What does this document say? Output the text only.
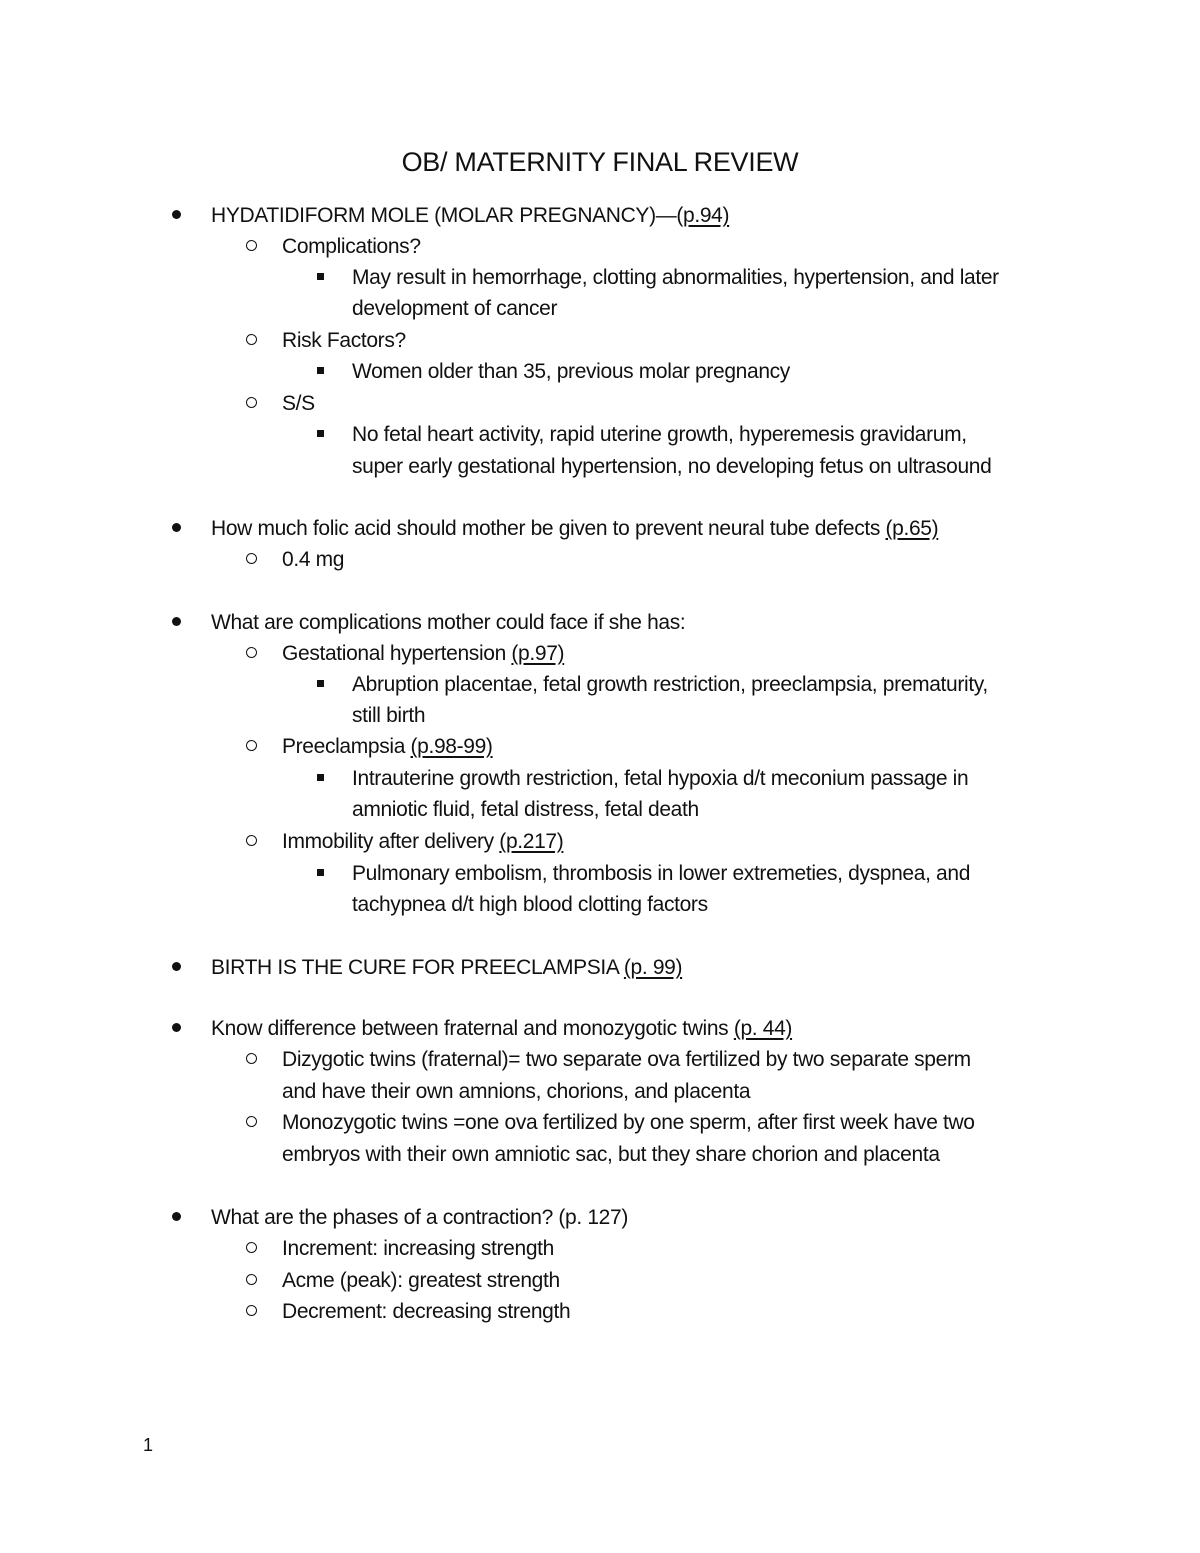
OB/ MATERNITY FINAL REVIEW
HYDATIDIFORM MOLE (MOLAR PREGNANCY)—(p.94)
Complications?
May result in hemorrhage, clotting abnormalities, hypertension, and later
development of cancer
Risk Factors?
Women older than 35, previous molar pregnancy
S/S
No fetal heart activity, rapid uterine growth, hyperemesis gravidarum,
super early gestational hypertension, no developing fetus on ultrasound
How much folic acid should mother be given to prevent neural tube defects (p.65)
0.4 mg
What are complications mother could face if she has:
Gestational hypertension (p.97)
Abruption placentae, fetal growth restriction, preeclampsia, prematurity,
still birth
Preeclampsia (p.98-99)
Intrauterine growth restriction, fetal hypoxia d/t meconium passage in
amniotic fluid, fetal distress, fetal death
Immobility after delivery (p.217)
Pulmonary embolism, thrombosis in lower extremeties, dyspnea, and
tachypnea d/t high blood clotting factors
BIRTH IS THE CURE FOR PREECLAMPSIA (p. 99)
Know difference between fraternal and monozygotic twins (p. 44)
Dizygotic twins (fraternal)= two separate ova fertilized by two separate sperm
and have their own amnions, chorions, and placenta
Monozygotic twins =one ova fertilized by one sperm, after first week have two
embryos with their own amniotic sac, but they share chorion and placenta
What are the phases of a contraction? (p. 127)
Increment: increasing strength
Acme (peak): greatest strength
Decrement: decreasing strength
1
